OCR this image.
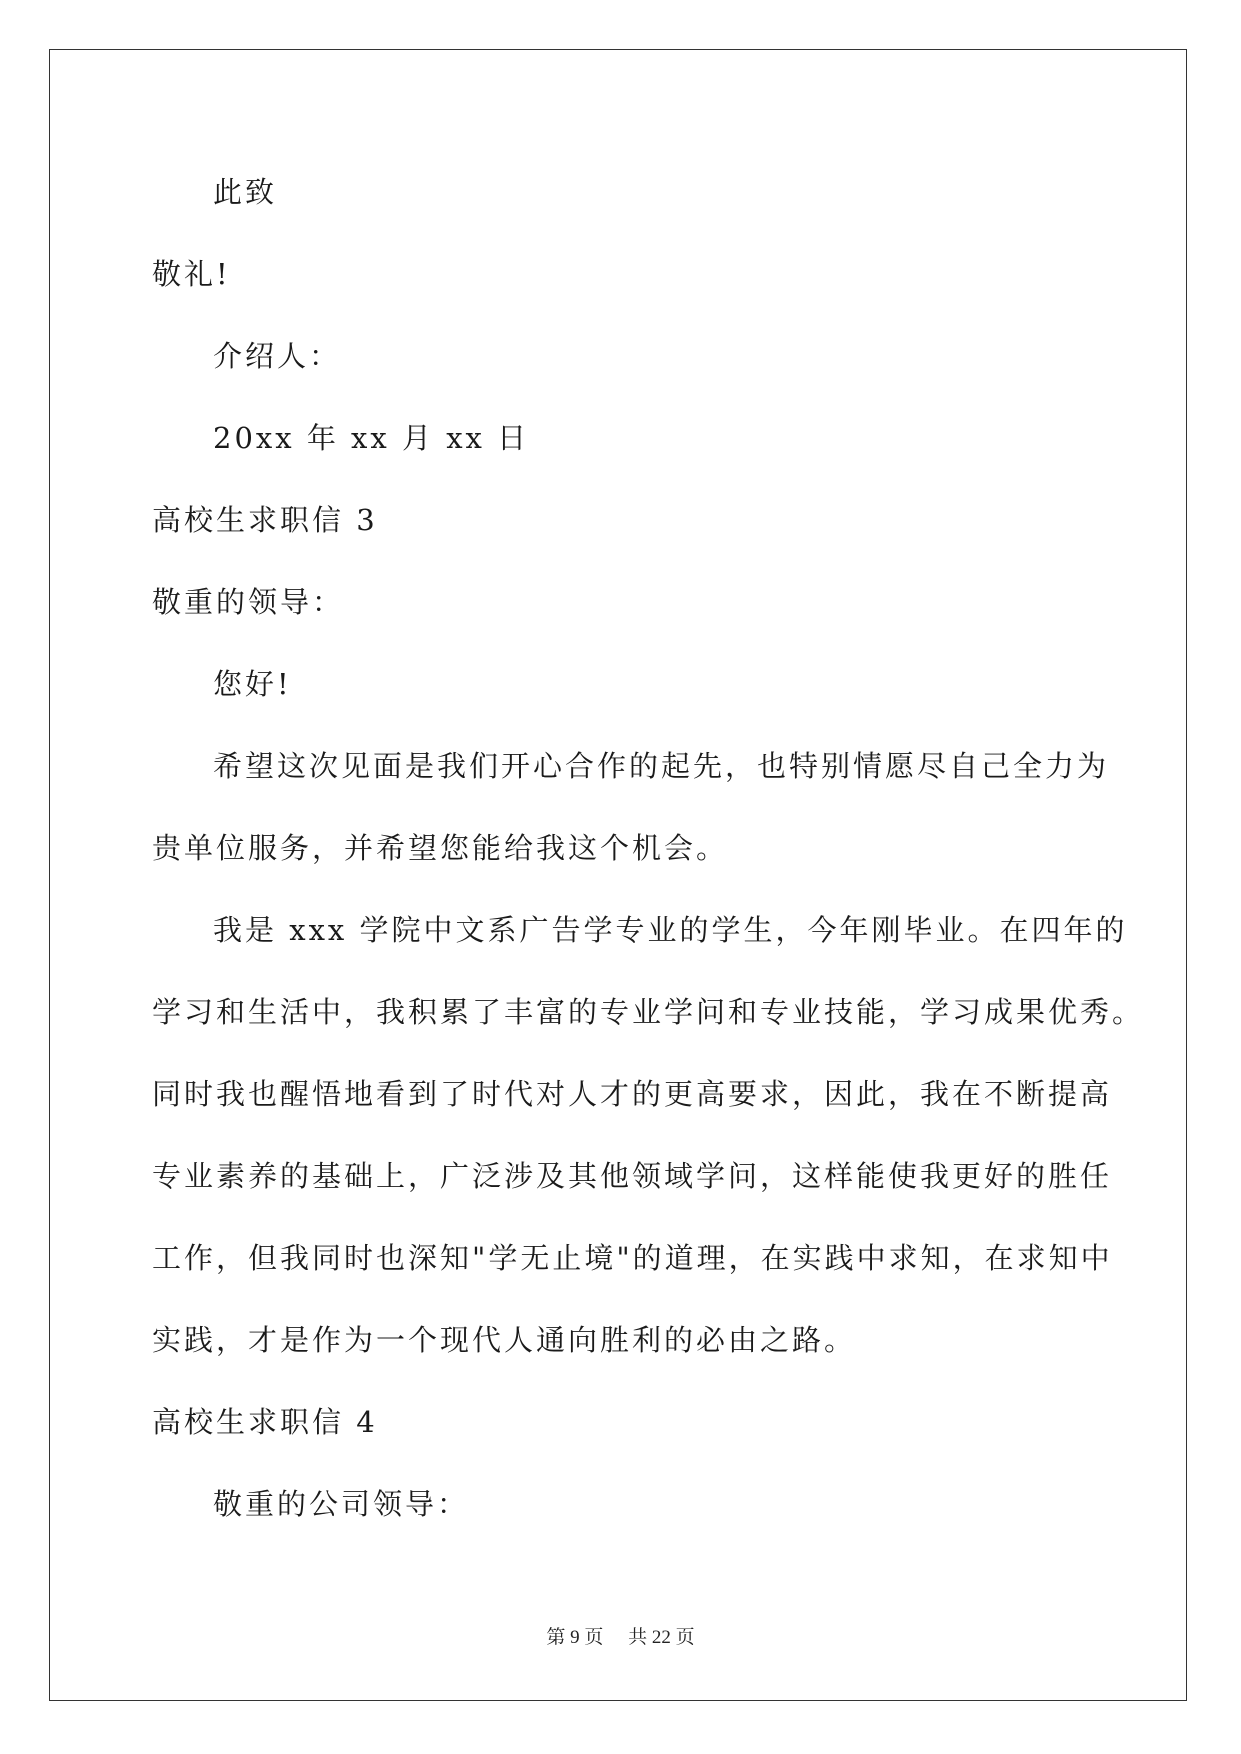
此致
敬礼!
介绍人：
20xx 年 xx 月 xx 日
高校生求职信 3
敬重的领导：
您好!
希望这次见面是我们开心合作的起先，也特别情愿尽自己全力为
贵单位服务，并希望您能给我这个机会。
我是 xxx 学院中文系广告学专业的学生，今年刚毕业。在四年的
学习和生活中，我积累了丰富的专业学问和专业技能，学习成果优秀。
同时我也醒悟地看到了时代对人才的更高要求，因此，我在不断提高
专业素养的基础上，广泛涉及其他领域学问，这样能使我更好的胜任
工作，但我同时也深知"学无止境"的道理，在实践中求知，在求知中
实践，才是作为一个现代人通向胜利的必由之路。
高校生求职信 4
敬重的公司领导：
第 9 页 共 22 页
